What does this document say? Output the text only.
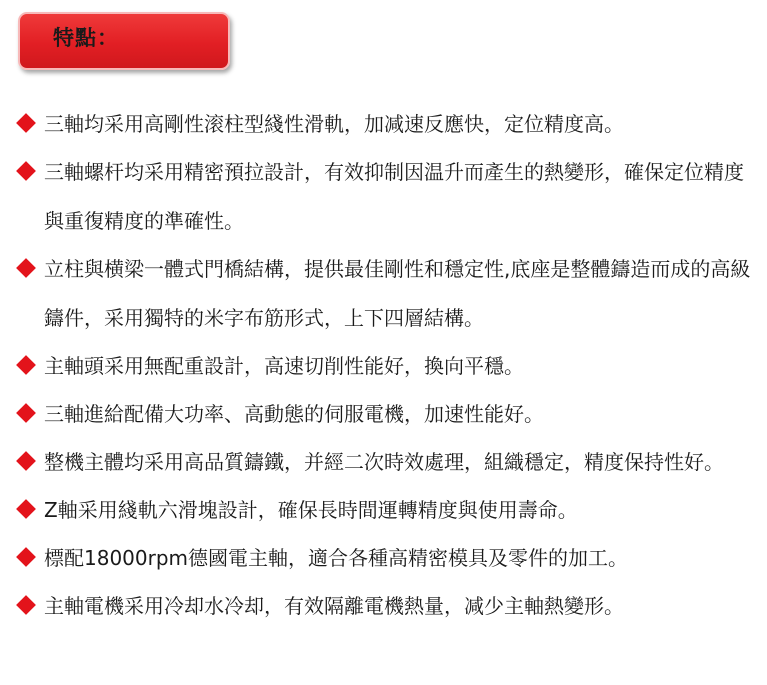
特點：
三軸均采用高剛性滚柱型綫性滑軌，加减速反應快，定位精度高。
三軸螺杆均采用精密預拉設計，有效抑制因温升而產生的熱變形，確保定位精度與重復精度的準確性。
立柱與横梁一體式門橋結構，提供最佳剛性和穩定性,底座是整體鑄造而成的高級鑄件，采用獨特的米字布筋形式，上下四層結構。
主軸頭采用無配重設計，高速切削性能好，換向平穩。
三軸進給配備大功率、高動態的伺服電機，加速性能好。
整機主體均采用高品質鑄鐵，并經二次時效處理，組織穩定，精度保持性好。
Z軸采用綫軌六滑塊設計，確保長時間運轉精度與使用壽命。
標配18000rpm德國電主軸，適合各種高精密模具及零件的加工。
主軸電機采用冷却水冷却，有效隔離電機熱量，减少主軸熱變形。
